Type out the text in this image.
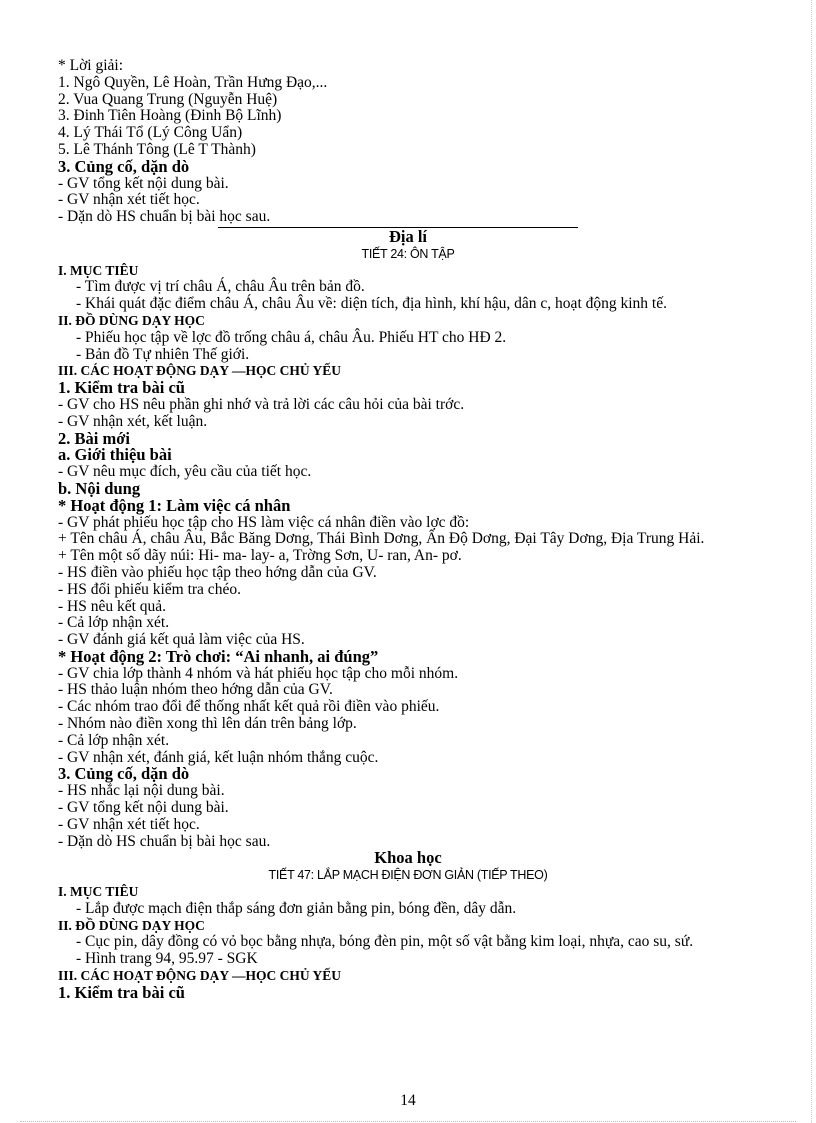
* Lời giải:
1. Ngô Quyền, Lê Hoàn, Trần Hưng Đạo,...
2. Vua Quang Trung (Nguyễn Huệ)
3. Đinh Tiên Hoàng (Đinh Bộ Lĩnh)
4. Lý Thái Tổ (Lý Công Uẩn)
5. Lê Thánh Tông (Lê T Thành)
3. Củng cố, dặn dò
- GV tổng kết nội dung bài.
- GV nhận xét tiết học.
- Dặn dò HS chuẩn bị bài học sau.
Địa lí
TIẾT 24: ÔN TẬP
I. MỤC TIÊU
- Tìm được vị trí châu Á, châu Âu trên bản đồ.
- Khái quát đặc điểm châu Á, châu Âu về: diện tích, địa hình, khí hậu, dân c, hoạt động kinh tế.
II. ĐỒ DÙNG DẠY HỌC
- Phiếu học tập về lợc đồ trống châu á, châu Âu. Phiếu HT cho HĐ 2.
- Bản đồ Tự nhiên Thế giới.
III. CÁC HOẠT ĐỘNG DẠY —HỌC CHỦ YẾU
1. Kiểm tra bài cũ
- GV cho HS nêu phần ghi nhớ và trả lời các câu hỏi của bài trớc.
- GV nhận xét, kết luận.
2. Bài mới
a. Giới thiệu bài
- GV nêu mục đích, yêu cầu của tiết học.
b. Nội dung
* Hoạt động 1: Làm việc cá nhân
- GV phát phiếu học tập cho HS làm việc cá nhân điền vào lợc đồ:
+ Tên châu Á, châu Âu, Bắc Băng Dơng, Thái Bình Dơng, Ấn Độ Dơng, Đại Tây Dơng, Địa Trung Hải.
+ Tên một số dãy núi: Hi- ma- lay- a, Trờng Sơn, U- ran, An- pơ.
- HS điền vào phiếu học tập theo hớng dẫn của GV.
- HS đổi phiếu kiểm tra chéo.
- HS nêu kết quả.
- Cả lớp nhận xét.
- GV đánh giá kết quả làm việc của HS.
* Hoạt động 2: Trò chơi: “Ai nhanh, ai đúng”
- GV chia lớp thành 4 nhóm và hát phiếu học tập cho mỗi nhóm.
- HS thảo luận nhóm theo hớng dẫn của GV.
- Các nhóm trao đổi để thống nhất kết quả rồi điền vào phiếu.
- Nhóm nào điền xong thì lên dán trên bảng lớp.
- Cả lớp nhận xét.
- GV nhận xét, đánh giá, kết luận nhóm thắng cuộc.
3. Củng cố, dặn dò
- HS nhắc lại nội dung bài.
- GV tổng kết nội dung bài.
- GV nhận xét tiết học.
- Dặn dò HS chuẩn bị bài học sau.
Khoa học
TIẾT 47: LẮP MẠCH ĐIỆN ĐƠN GIẢN (TIẾP THEO)
I. MỤC TIÊU
- Lắp được mạch điện thắp sáng đơn giản bằng pin, bóng đền, dây dẫn.
II. ĐỒ DÙNG DẠY HỌC
- Cục pin, dây đồng có vỏ bọc bằng nhựa, bóng đèn pin, một số vật bằng kim loại, nhựa, cao su, sứ.
- Hình trang 94, 95.97 - SGK
III. CÁC HOẠT ĐỘNG DẠY —HỌC CHỦ YẾU
1. Kiểm tra bài cũ
14
